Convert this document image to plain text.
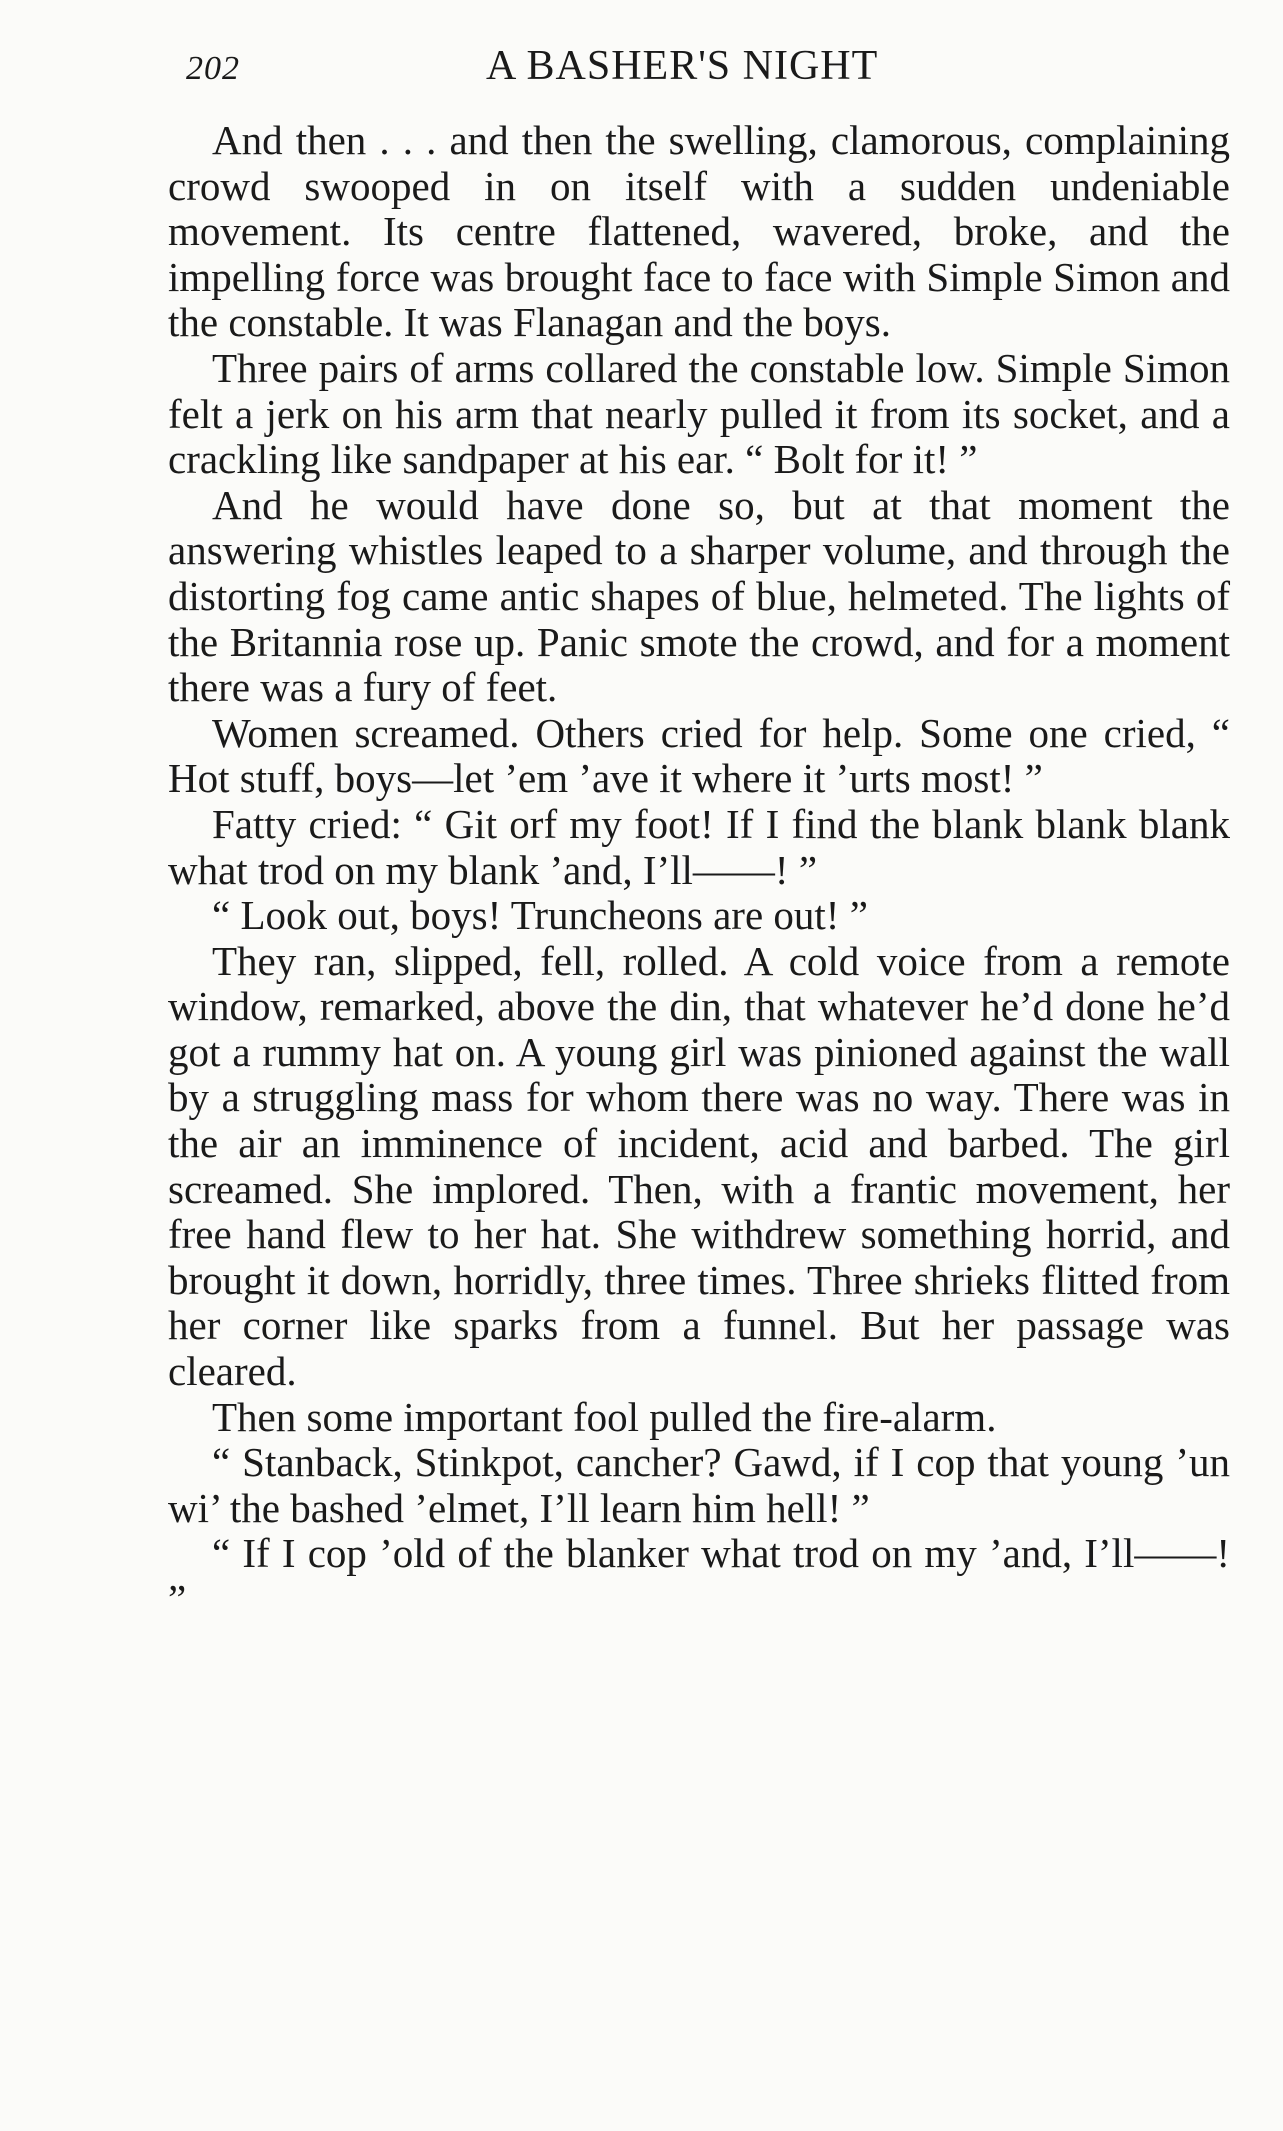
202	A BASHER'S NIGHT

And then . . . and then the swelling, clamorous, complaining crowd swooped in on itself with a sudden undeniable movement. Its centre flattened, wavered, broke, and the impelling force was brought face to face with Simple Simon and the constable. It was Flanagan and the boys.

Three pairs of arms collared the constable low. Simple Simon felt a jerk on his arm that nearly pulled it from its socket, and a crackling like sandpaper at his ear. “ Bolt for it! ”

And he would have done so, but at that moment the answering whistles leaped to a sharper volume, and through the distorting fog came antic shapes of blue, helmeted. The lights of the Britannia rose up. Panic smote the crowd, and for a moment there was a fury of feet.

Women screamed. Others cried for help. Some one cried, “ Hot stuff, boys—let ’em ’ave it where it ’urts most! ”

Fatty cried: “ Git orf my foot! If I find the blank blank blank what trod on my blank ’and, I’ll——! ”

“ Look out, boys! Truncheons are out! ”

They ran, slipped, fell, rolled. A cold voice from a remote window, remarked, above the din, that whatever he’d done he’d got a rummy hat on. A young girl was pinioned against the wall by a struggling mass for whom there was no way. There was in the air an imminence of incident, acid and barbed. The girl screamed. She implored. Then, with a frantic movement, her free hand flew to her hat. She withdrew something horrid, and brought it down, horridly, three times. Three shrieks flitted from her corner like sparks from a funnel. But her passage was cleared.

Then some important fool pulled the fire-alarm.

“ Stanback, Stinkpot, cancher? Gawd, if I cop that young ’un wi’ the bashed ’elmet, I’ll learn him hell! ”

“ If I cop ’old of the blanker what trod on my ’and, I’ll——! ”
